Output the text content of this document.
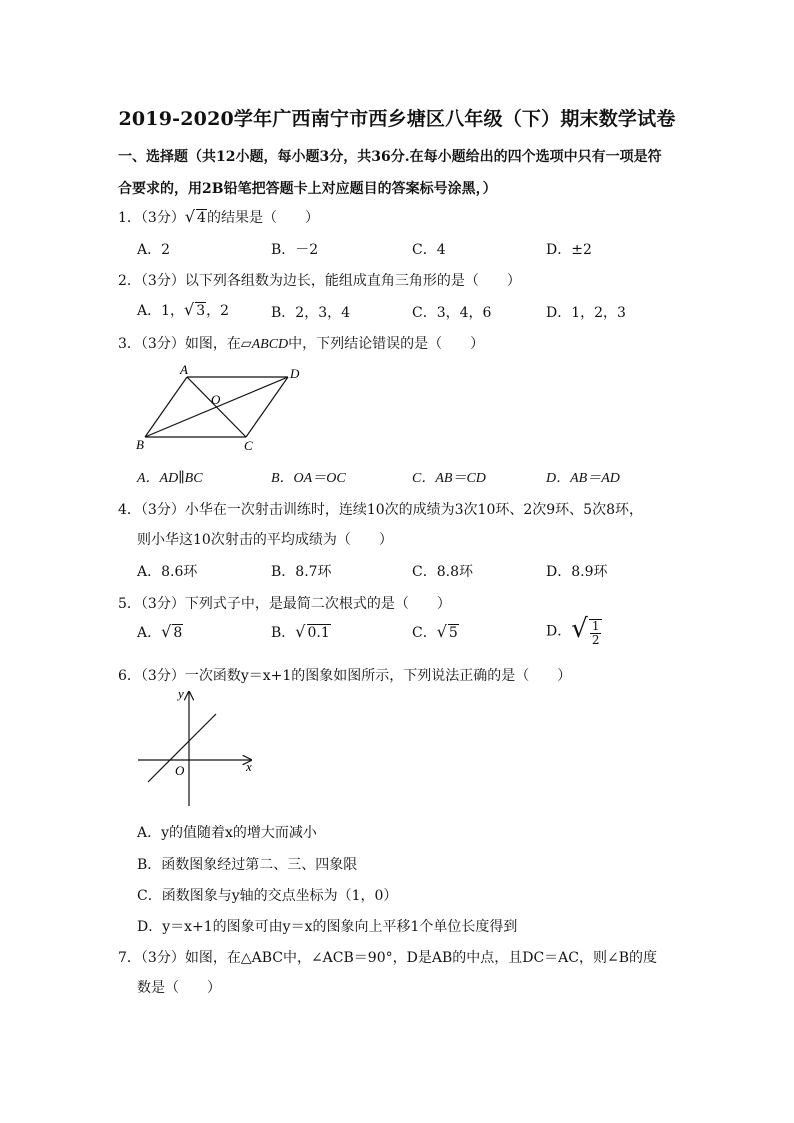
2019-2020学年广西南宁市西乡塘区八年级（下）期末数学试卷
一、选择题（共12小题，每小题3分，共36分.在每小题给出的四个选项中只有一项是符
合要求的，用2B铅笔把答题卡上对应题目的答案标号涂黑，）
1．（3分）√ 4的结果是（　　）
A．2	B．－2	C．4	D．±2
2．（3分）以下列各组数为边长，能组成直角三角形的是（　　）
A．1，√ 3，2	B．2，3，4	C．3，4，6	D．1，2，3
3．（3分）如图，在▱ABCD中，下列结论错误的是（　　）
A	D
B	C
O
A．AD∥BC	B．OA＝OC	C．AB＝CD	D．AB＝AD
4．（3分）小华在一次射击训练时，连续10次的成绩为3次10环、2次9环、5次8环，
则小华这10次射击的平均成绩为（　　）
A．8.6环	B．8.7环	C．8.8环	D．8.9环
5．（3分）下列式子中，是最简二次根式的是（　　）
A．√ 8	B．√ 0.1	C．√ 5	D．√ $\frac{1}{2}$
6．（3分）一次函数y＝x+1的图象如图所示，下列说法正确的是（　　）
y
x
O
A．y的值随着x的增大而减小
B．函数图象经过第二、三、四象限
C．函数图象与y轴的交点坐标为（1，0）
D．y＝x+1的图象可由y＝x的图象向上平移1个单位长度得到
7．（3分）如图，在△ABC中，∠ACB＝90°，D是AB的中点，且DC＝AC，则∠B的度
数是（　　）
